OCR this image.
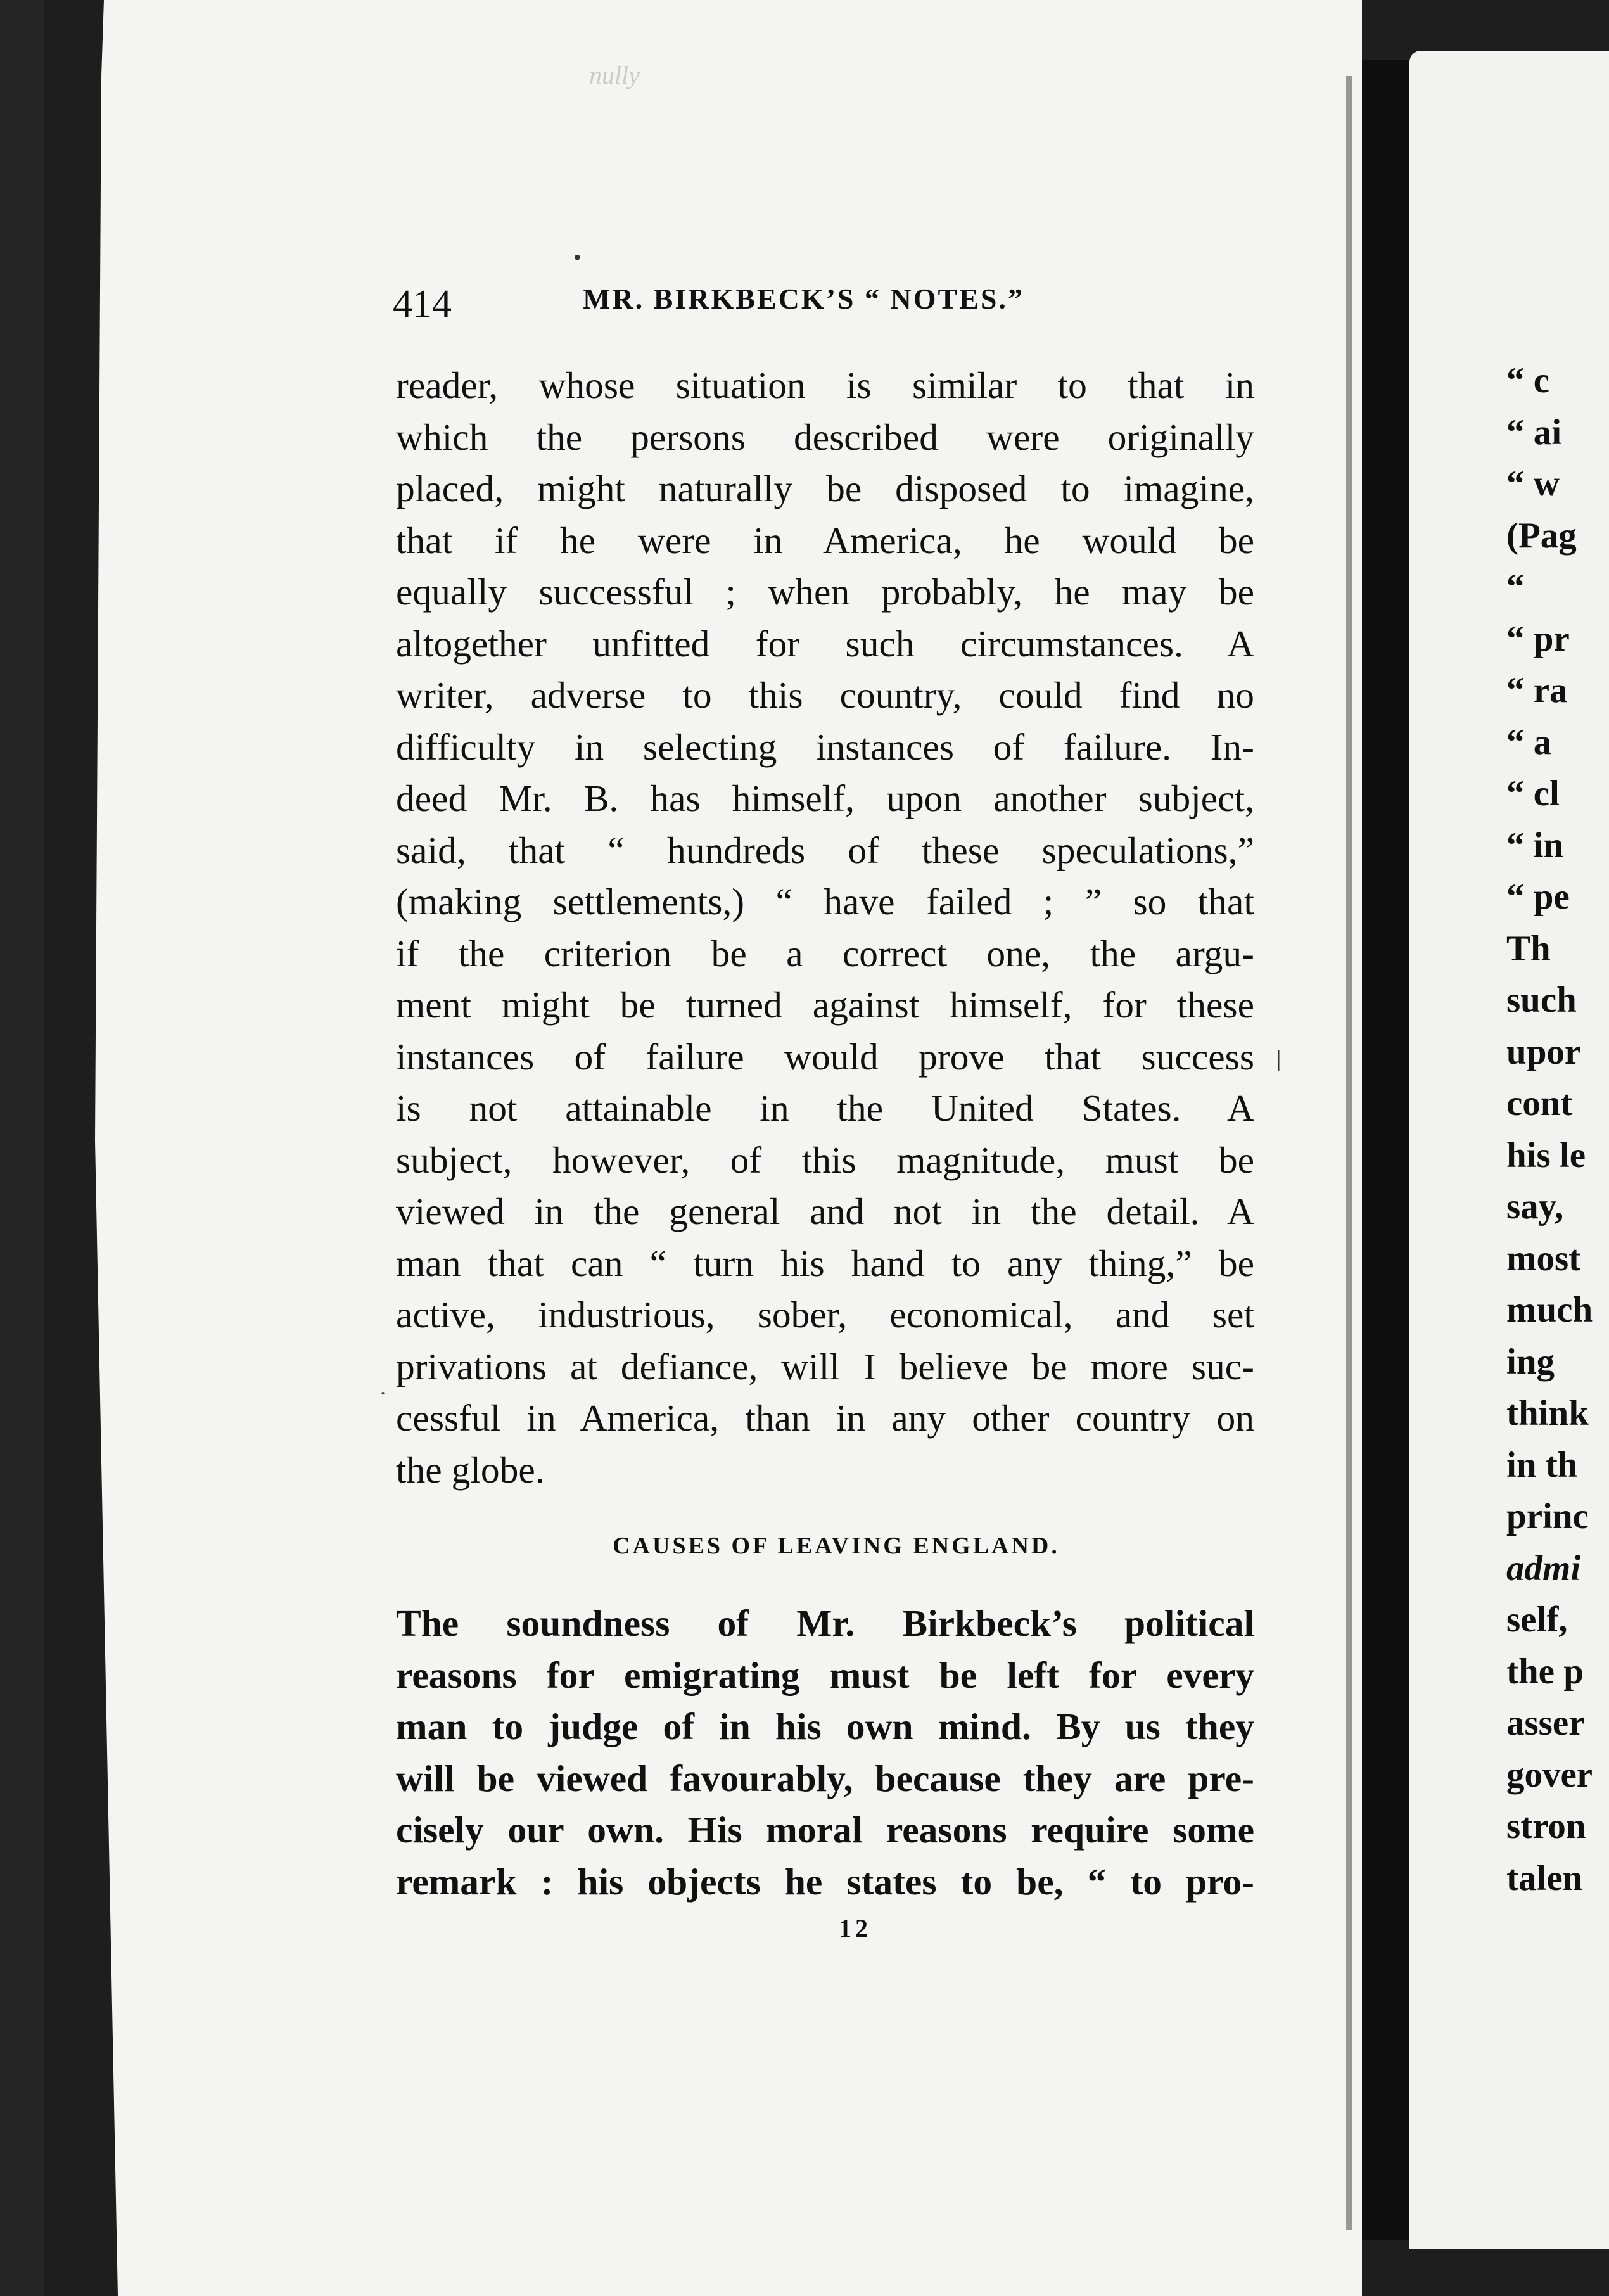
nully
414	MR. BIRKBECK’S “ NOTES.”
reader, whose situation is similar to that in
which the persons described were originally
placed, might naturally be disposed to imagine,
that if he were in America, he would be
equally successful ; when probably, he may be
altogether unfitted for such circumstances. A
writer, adverse to this country, could find no
difficulty in selecting instances of failure. In-
deed Mr. B. has himself, upon another subject,
said, that “ hundreds of these speculations,”
(making settlements,) “ have failed ; ” so that
if the criterion be a correct one, the argu-
ment might be turned against himself, for these
instances of failure would prove that success
is not attainable in the United States. A
subject, however, of this magnitude, must be
viewed in the general and not in the detail. A
man that can “ turn his hand to any thing,” be
active, industrious, sober, economical, and set
privations at defiance, will I believe be more suc-
cessful in America, than in any other country on
the globe.
CAUSES OF LEAVING ENGLAND.
The soundness of Mr. Birkbeck’s political
reasons for emigrating must be left for every
man to judge of in his own mind. By us they
will be viewed favourably, because they are pre-
cisely our own. His moral reasons require some
remark : his objects he states to be, “ to pro-
12
•
.
|
“ c
“ ai
“ w
(Pag
“
“ pr
“ ra
“ a
“ cl
“ in
“ pe
Th
such
upor
cont
his le
say,
most
much
ing
think
in th
princ
admi
self,
the p
asser
gover
stron
talen
